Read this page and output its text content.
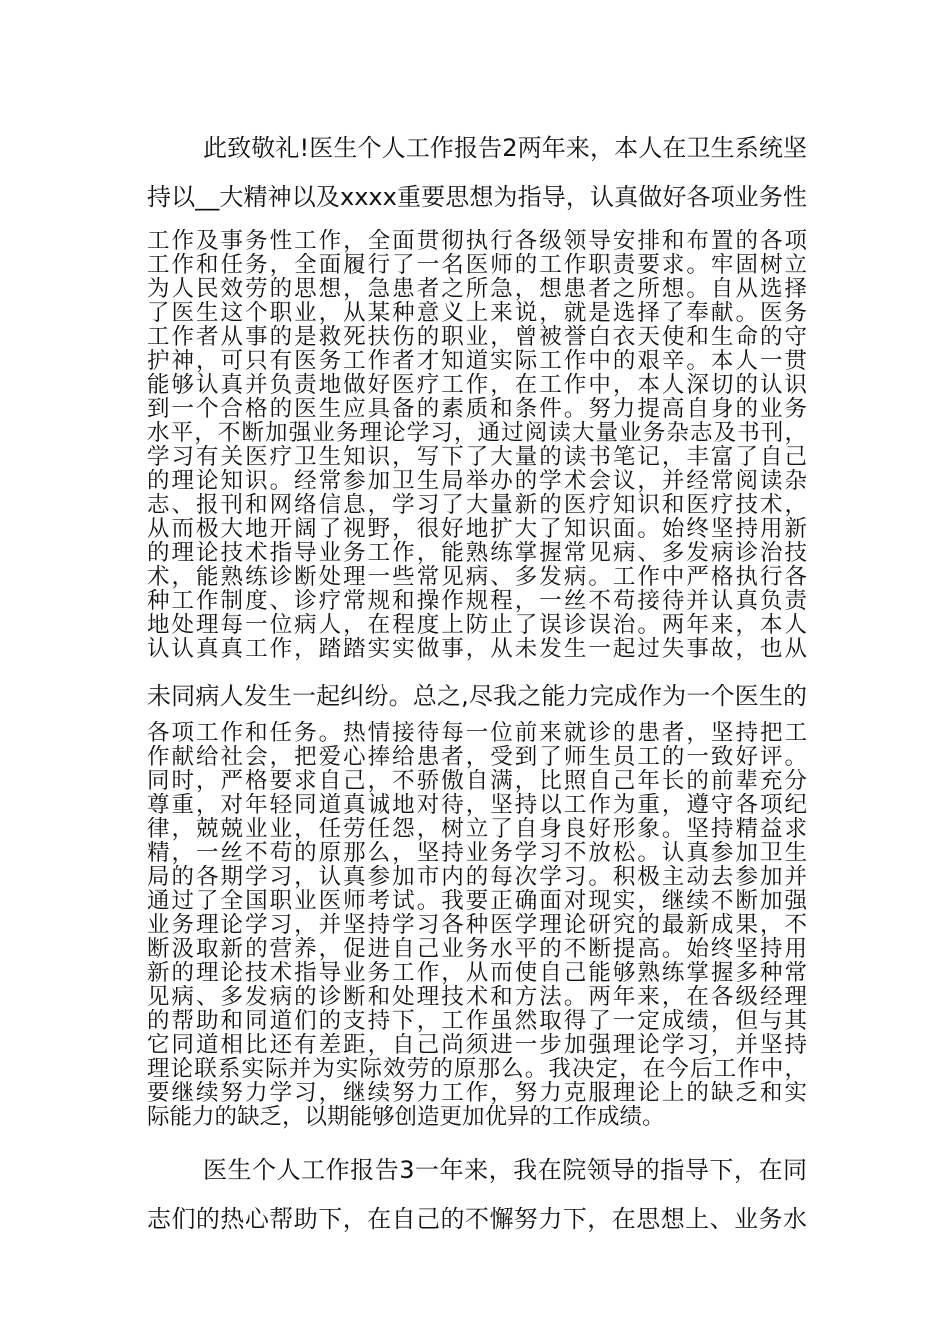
此致敬礼!医生个人工作报告2两年来，本人在卫生系统坚
持以__大精神以及xxxx重要思想为指导，认真做好各项业务性
工作及事务性工作，全面贯彻执行各级领导安排和布置的各项
工作和任务，全面履行了一名医师的工作职责要求。牢固树立
为人民效劳的思想，急患者之所急，想患者之所想。自从选择
了医生这个职业，从某种意义上来说，就是选择了奉献。医务
工作者从事的是救死扶伤的职业，曾被誉白衣天使和生命的守
护神，可只有医务工作者才知道实际工作中的艰辛。本人一贯
能够认真并负责地做好医疗工作，在工作中，本人深切的认识
到一个合格的医生应具备的素质和条件。努力提高自身的业务
水平，不断加强业务理论学习，通过阅读大量业务杂志及书刊，
学习有关医疗卫生知识，写下了大量的读书笔记，丰富了自己
的理论知识。经常参加卫生局举办的学术会议，并经常阅读杂
志、报刊和网络信息，学习了大量新的医疗知识和医疗技术，
从而极大地开阔了视野，很好地扩大了知识面。始终坚持用新
的理论技术指导业务工作，能熟练掌握常见病、多发病诊治技
术，能熟练诊断处理一些常见病、多发病。工作中严格执行各
种工作制度、诊疗常规和操作规程，一丝不苟接待并认真负责
地处理每一位病人，在程度上防止了误诊误治。两年来，本人
认认真真工作，踏踏实实做事，从未发生一起过失事故，也从
未同病人发生一起纠纷。总之,尽我之能力完成作为一个医生的
各项工作和任务。热情接待每一位前来就诊的患者，坚持把工
作献给社会，把爱心捧给患者，受到了师生员工的一致好评。
同时，严格要求自己，不骄傲自满，比照自己年长的前辈充分
尊重，对年轻同道真诚地对待，坚持以工作为重，遵守各项纪
律，兢兢业业，任劳任怨，树立了自身良好形象。坚持精益求
精，一丝不苟的原那么，坚持业务学习不放松。认真参加卫生
局的各期学习，认真参加市内的每次学习。积极主动去参加并
通过了全国职业医师考试。我要正确面对现实，继续不断加强
业务理论学习，并坚持学习各种医学理论研究的最新成果，不
断汲取新的营养，促进自己业务水平的不断提高。始终坚持用
新的理论技术指导业务工作，从而使自己能够熟练掌握多种常
见病、多发病的诊断和处理技术和方法。两年来，在各级经理
的帮助和同道们的支持下，工作虽然取得了一定成绩，但与其
它同道相比还有差距，自己尚须进一步加强理论学习，并坚持
理论联系实际并为实际效劳的原那么。我决定，在今后工作中，
要继续努力学习，继续努力工作，努力克服理论上的缺乏和实
际能力的缺乏，以期能够创造更加优异的工作成绩。
医生个人工作报告3一年来，我在院领导的指导下，在同
志们的热心帮助下，在自己的不懈努力下，在思想上、业务水
